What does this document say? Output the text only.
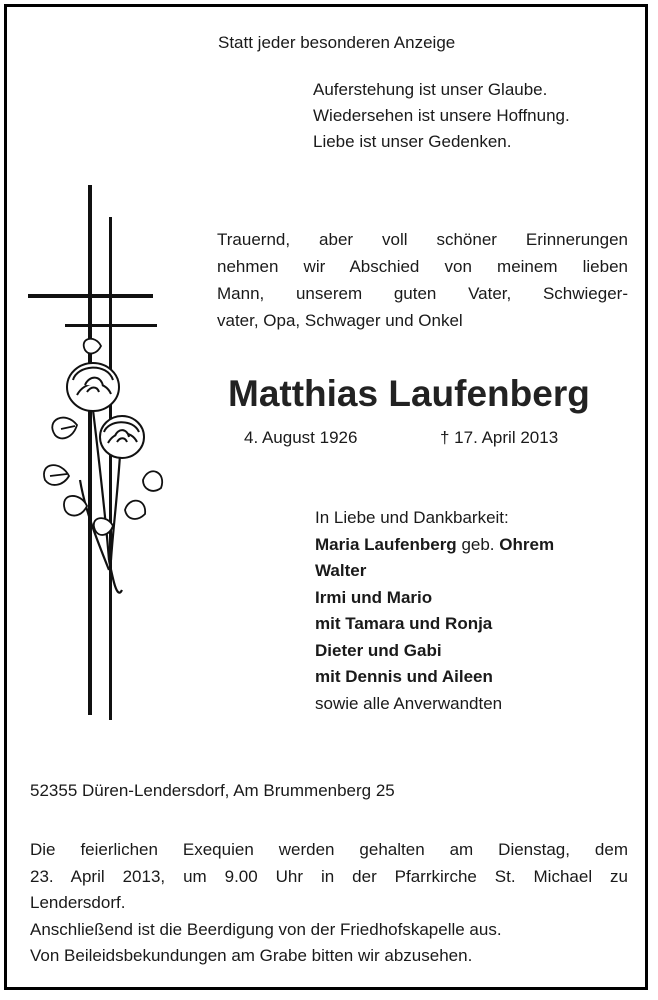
Statt jeder besonderen Anzeige
Auferstehung ist unser Glaube.
Wiedersehen ist unsere Hoffnung.
Liebe ist unser Gedenken.
Trauernd, aber voll schöner Erinnerungen
nehmen wir Abschied von meinem lieben
Mann, unserem guten Vater, Schwieger-
vater, Opa, Schwager und Onkel
Matthias Laufenberg
4. August 1926	† 17. April 2013
In Liebe und Dankbarkeit:
Maria Laufenberg geb. Ohrem
Walter
Irmi und Mario
mit Tamara und Ronja
Dieter und Gabi
mit Dennis und Aileen
sowie alle Anverwandten
52355 Düren-Lendersdorf, Am Brummenberg 25
Die feierlichen Exequien werden gehalten am Dienstag, dem
23. April 2013, um 9.00 Uhr in der Pfarrkirche St. Michael zu
Lendersdorf.
Anschließend ist die Beerdigung von der Friedhofskapelle aus.
Von Beileidsbekundungen am Grabe bitten wir abzusehen.
